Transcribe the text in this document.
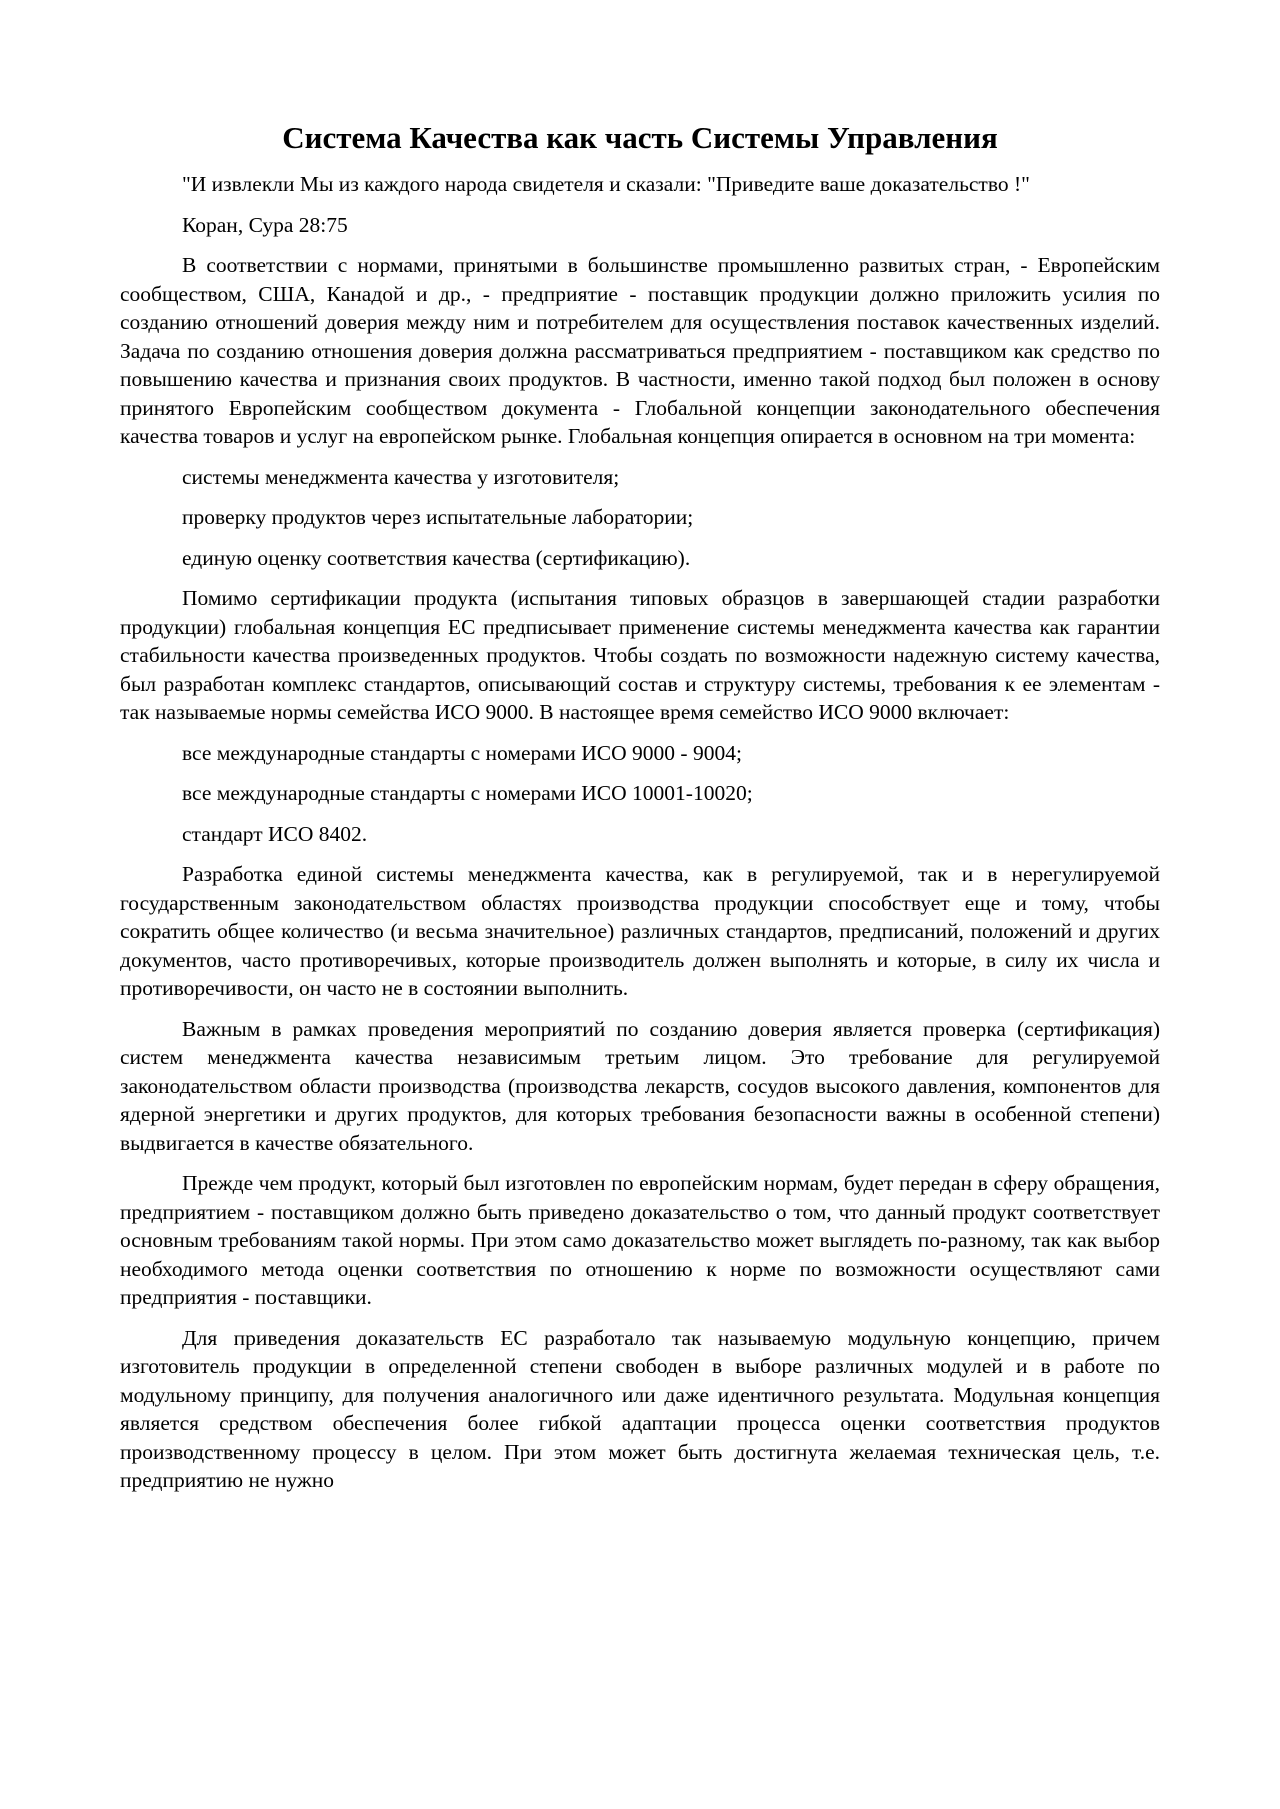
Система Качества как часть Системы Управления
"И извлекли Мы из каждого народа свидетеля и сказали: "Приведите ваше доказательство !"
Коран, Сура 28:75
В соответствии с нормами, принятыми в большинстве промышленно развитых стран, - Европейским сообществом, США, Канадой и др., - предприятие - поставщик продукции должно приложить усилия по созданию отношений доверия между ним и потребителем для осуществления поставок качественных изделий. Задача по созданию отношения доверия должна рассматриваться предприятием - поставщиком как средство по повышению качества и признания своих продуктов. В частности, именно такой подход был положен в основу принятого Европейским сообществом документа - Глобальной концепции законодательного обеспечения качества товаров и услуг на европейском рынке. Глобальная концепция опирается в основном на три момента:
системы менеджмента качества у изготовителя;
проверку продуктов через испытательные лаборатории;
единую оценку соответствия качества (сертификацию).
Помимо сертификации продукта (испытания типовых образцов в завершающей стадии разработки продукции) глобальная концепция ЕС предписывает применение системы менеджмента качества как гарантии стабильности качества произведенных продуктов. Чтобы создать по возможности надежную систему качества, был разработан комплекс стандартов, описывающий состав и структуру системы, требования к ее элементам - так называемые нормы семейства ИСО 9000. В настоящее время семейство ИСО 9000 включает:
все международные стандарты с номерами ИСО 9000 - 9004;
все международные стандарты с номерами ИСО 10001-10020;
стандарт ИСО 8402.
Разработка единой системы менеджмента качества, как в регулируемой, так и в нерегулируемой государственным законодательством областях производства продукции способствует еще и тому, чтобы сократить общее количество (и весьма значительное) различных стандартов, предписаний, положений и других документов, часто противоречивых, которые производитель должен выполнять и которые, в силу их числа и противоречивости, он часто не в состоянии выполнить.
Важным в рамках проведения мероприятий по созданию доверия является проверка (сертификация) систем менеджмента качества независимым третьим лицом. Это требование для регулируемой законодательством области производства (производства лекарств, сосудов высокого давления, компонентов для ядерной энергетики и других продуктов, для которых требования безопасности важны в особенной степени) выдвигается в качестве обязательного.
Прежде чем продукт, который был изготовлен по европейским нормам, будет передан в сферу обращения, предприятием - поставщиком должно быть приведено доказательство о том, что данный продукт соответствует основным требованиям такой нормы. При этом само доказательство может выглядеть по-разному, так как выбор необходимого метода оценки соответствия по отношению к норме по возможности осуществляют сами предприятия - поставщики.
Для приведения доказательств ЕС разработало так называемую модульную концепцию, причем изготовитель продукции в определенной степени свободен в выборе различных модулей и в работе по модульному принципу, для получения аналогичного или даже идентичного результата. Модульная концепция является средством обеспечения более гибкой адаптации процесса оценки соответствия продуктов производственному процессу в целом. При этом может быть достигнута желаемая техническая цель, т.е. предприятию не нужно
